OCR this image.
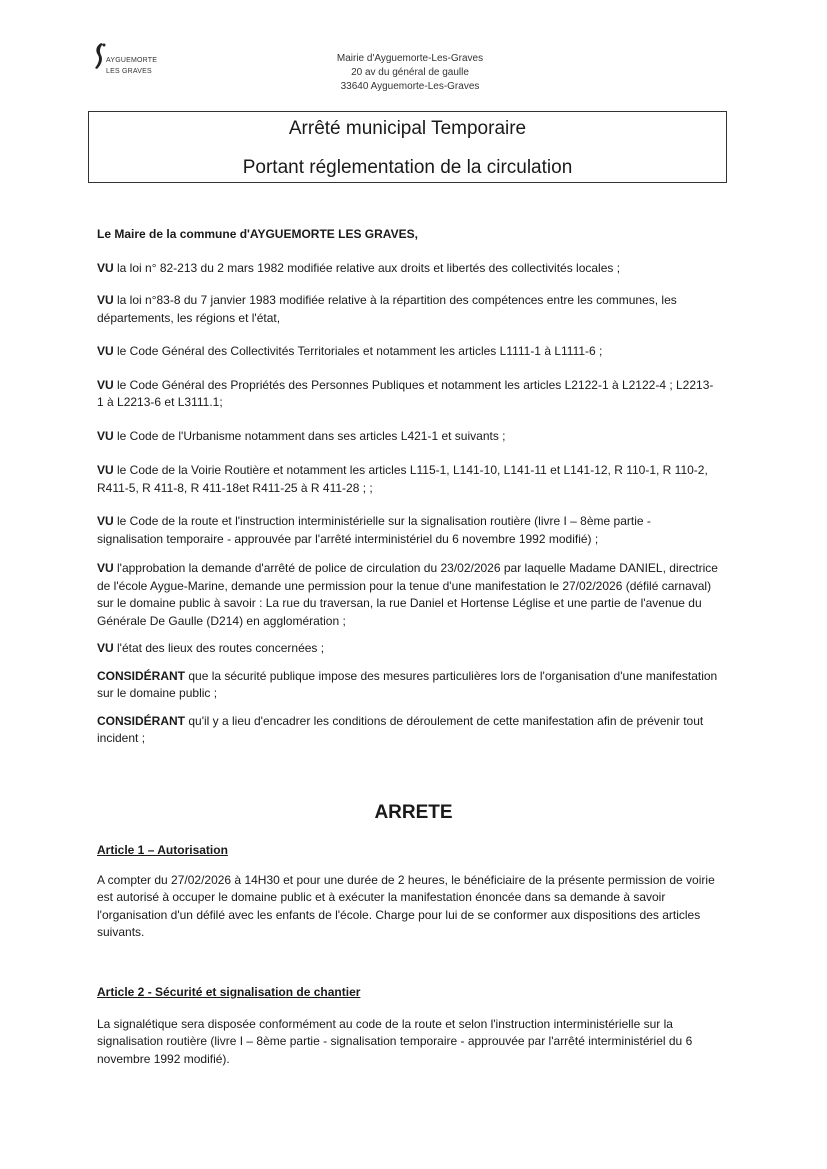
AYGUEMORTE
LES GRAVES
Mairie d'Ayguemorte-Les-Graves
20 av du général de gaulle
33640 Ayguemorte-Les-Graves
Arrêté municipal Temporaire
Portant réglementation de la circulation

Le Maire de la commune d'AYGUEMORTE LES GRAVES,

VU la loi n° 82-213 du 2 mars 1982 modifiée relative aux droits et libertés des collectivités locales ;

VU la loi n°83-8 du 7 janvier 1983 modifiée relative à la répartition des compétences entre les communes, les départements, les régions et l'état,

VU le Code Général des Collectivités Territoriales et notamment les articles L1111-1 à L1111-6 ;

VU le Code Général des Propriétés des Personnes Publiques et notamment les articles L2122-1 à L2122-4 ; L2213-1 à L2213-6 et L3111.1;

VU le Code de l'Urbanisme notamment dans ses articles L421-1 et suivants ;

VU le Code de la Voirie Routière et notamment les articles L115-1, L141-10, L141-11 et L141-12, R 110-1, R 110-2, R411-5, R 411-8, R 411-18et R411-25 à R 411-28 ; ;

VU le Code de la route et l'instruction interministérielle sur la signalisation routière (livre I – 8ème partie - signalisation temporaire - approuvée par l'arrêté interministériel du 6 novembre 1992 modifié) ;

VU l'approbation la demande d'arrêté de police de circulation du 23/02/2026 par laquelle Madame DANIEL, directrice de l'école Aygue-Marine, demande une permission pour la tenue d'une manifestation le 27/02/2026 (défilé carnaval) sur le domaine public à savoir : La rue du traversan, la rue Daniel et Hortense Léglise et une partie de l'avenue du Générale De Gaulle (D214) en agglomération ;

VU l'état des lieux des routes concernées ;

CONSIDÉRANT que la sécurité publique impose des mesures particulières lors de l'organisation d'une manifestation sur le domaine public ;

CONSIDÉRANT qu'il y a lieu d'encadrer les conditions de déroulement de cette manifestation afin de prévenir tout incident ;

ARRETE

Article 1 – Autorisation

A compter du 27/02/2026 à 14H30 et pour une durée de 2 heures, le bénéficiaire de la présente permission de voirie est autorisé à occuper le domaine public et à exécuter la manifestation énoncée dans sa demande à savoir l'organisation d'un défilé avec les enfants de l'école. Charge pour lui de se conformer aux dispositions des articles suivants.

Article 2 - Sécurité et signalisation de chantier

La signalétique sera disposée conformément au code de la route et selon l'instruction interministérielle sur la signalisation routière (livre I – 8ème partie - signalisation temporaire - approuvée par l'arrêté interministériel du 6 novembre 1992 modifié).
